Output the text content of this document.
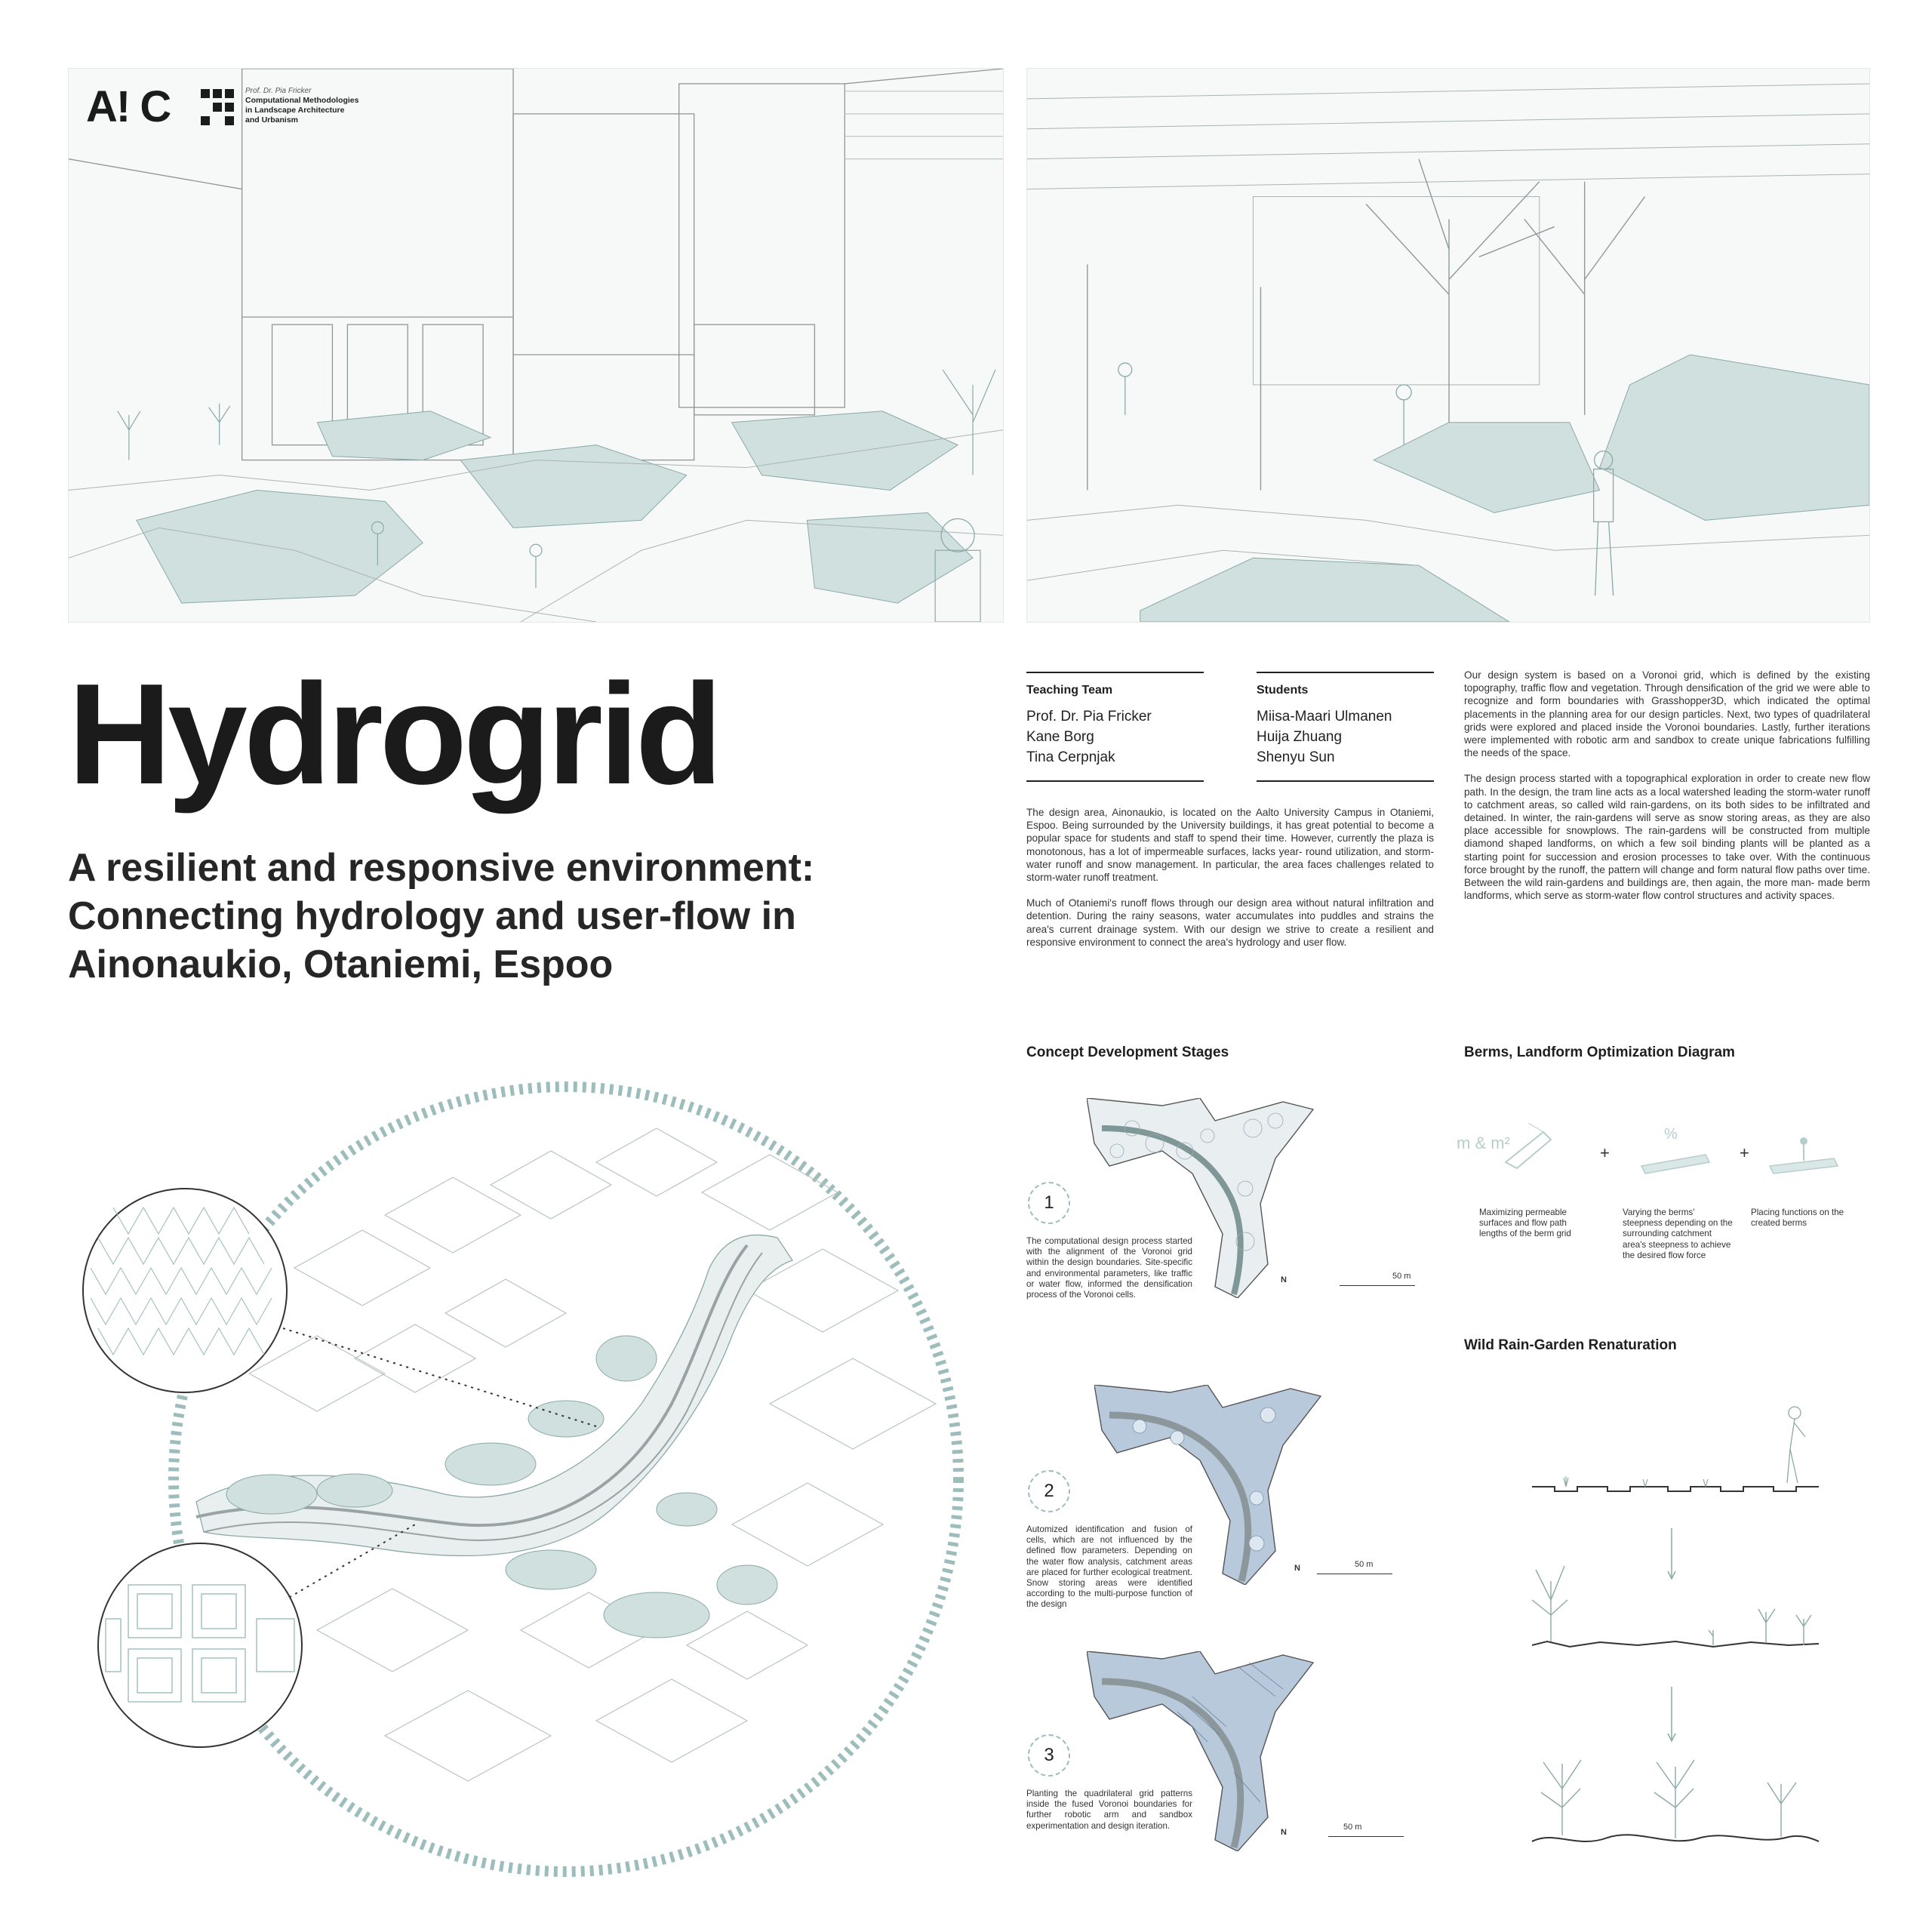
A! C	Prof. Dr. Pia Fricker
Computational Methodologies
in Landscape Architecture
and Urbanism
Hydrogrid
A resilient and responsive environment:
Connecting hydrology and user-flow in
Ainonaukio, Otaniemi, Espoo
Teaching Team
Prof. Dr. Pia Fricker
Kane Borg
Tina Cerpnjak
Students
Miisa-Maari Ulmanen
Huija Zhuang
Shenyu Sun

The design area, Ainonaukio, is located on the Aalto University Campus in Otaniemi, Espoo. Being surrounded by the University buildings, it has great potential to become a popular space for students and staff to spend their time. However, currently the plaza is monotonous, has a lot of impermeable surfaces, lacks year- round utilization, and storm-water runoff and snow management. In particular, the area faces challenges related to storm-water runoff treatment.

Much of Otaniemi's runoff flows through our design area without natural infiltration and detention. During the rainy seasons, water accumulates into puddles and strains the area's current drainage system. With our design we strive to create a resilient and responsive environment to connect the area's hydrology and user flow.

Our design system is based on a Voronoi grid, which is defined by the existing topography, traffic flow and vegetation. Through densification of the grid we were able to recognize and form boundaries with Grasshopper3D, which indicated the optimal placements in the planning area for our design particles. Next, two types of quadrilateral grids were explored and placed inside the Voronoi boundaries. Lastly, further iterations were implemented with robotic arm and sandbox to create unique fabrications fulfilling the needs of the space.

The design process started with a topographical exploration in order to create new flow path. In the design, the tram line acts as a local watershed leading the storm-water runoff to catchment areas, so called wild rain-gardens, on its both sides to be infiltrated and detained. In winter, the rain-gardens will serve as snow storing areas, as they are also place accessible for snowplows. The rain-gardens will be constructed from multiple diamond shaped landforms, on which a few soil binding plants will be planted as a starting point for succession and erosion processes to take over. With the continuous force brought by the runoff, the pattern will change and form natural flow paths over time. Between the wild rain-gardens and buildings are, then again, the more man- made berm landforms, which serve as storm-water flow control structures and activity spaces.

Concept Development Stages
1
The computational design process started with the alignment of the Voronoi grid within the design boundaries. Site-specific and environmental parameters, like traffic or water flow, informed the densification process of the Voronoi cells.
N	50 m
2
Automized identification and fusion of cells, which are not influenced by the defined flow parameters. Depending on the water flow analysis, catchment areas are placed for further ecological treatment. Snow storing areas were identified according to the multi-purpose function of the design
N	50 m
3
Planting the quadrilateral grid patterns inside the fused Voronoi boundaries for further robotic arm and sandbox experimentation and design iteration.
N
50 m
Berms, Landform Optimization Diagram
m & m²
+
%
+
Maximizing permeable surfaces and flow path lengths of the berm grid
Varying the berms' steepness depending on the surrounding catchment area's steepness to achieve the desired flow force
Placing functions on the created berms
Wild Rain-Garden Renaturation
